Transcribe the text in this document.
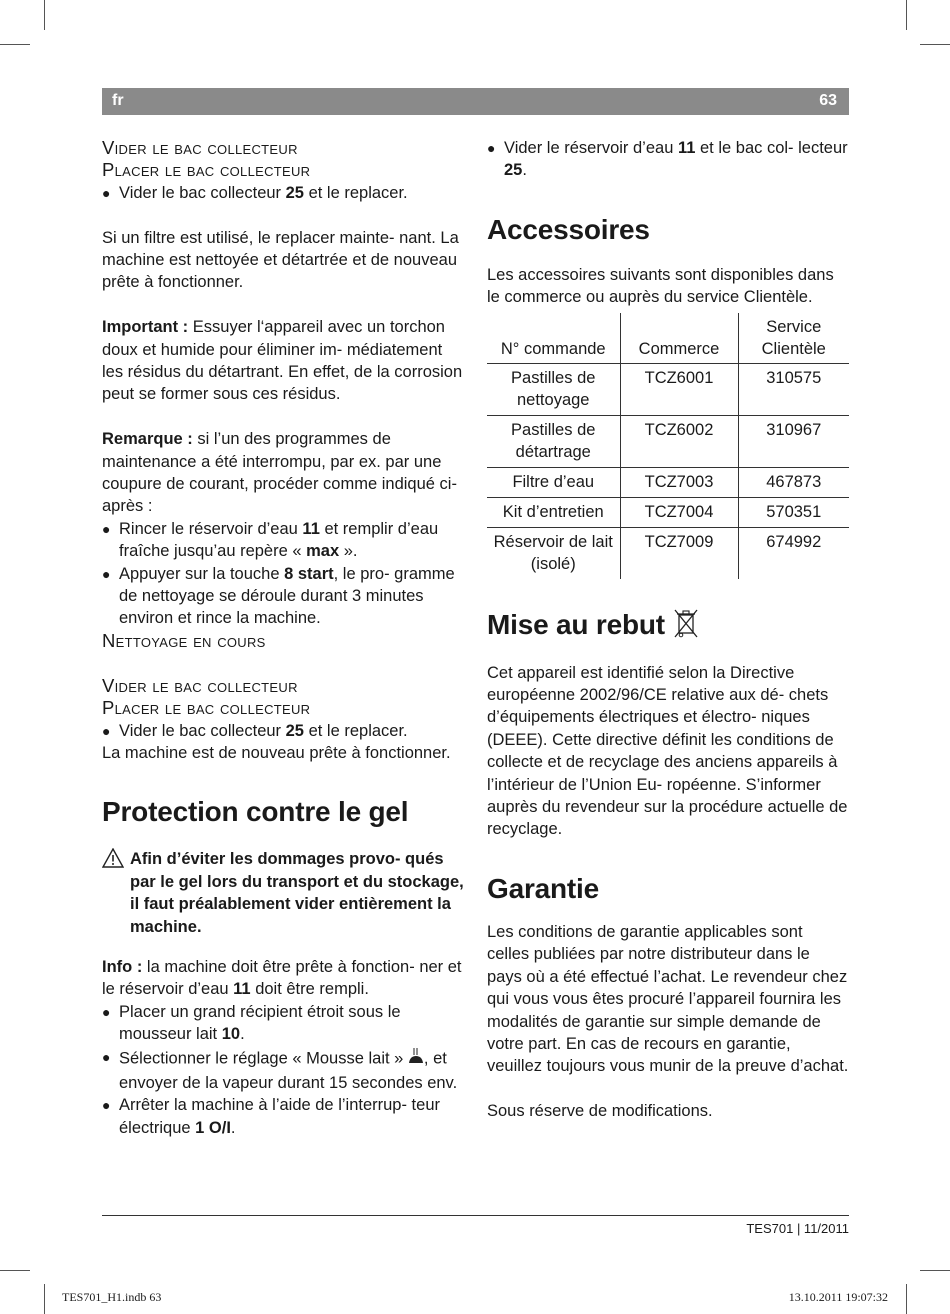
fr	63

Vider le bac collecteur

Placer le bac collecteur

● Vider le bac collecteur 25 et le replacer.

Si un filtre est utilisé, le replacer mainte- nant. La machine est nettoyée et détartrée et de nouveau prête à fonctionner.

Important : Essuyer l‘appareil avec un torchon doux et humide pour éliminer im- médiatement les résidus du détartrant. En effet, de la corrosion peut se former sous ces résidus.

Remarque : si l’un des programmes de maintenance a été interrompu, par ex. par une coupure de courant, procéder comme indiqué ci-après :

● Rincer le réservoir d’eau 11 et remplir d’eau fraîche jusqu’au repère « max ».

● Appuyer sur la touche 8 start, le pro- gramme de nettoyage se déroule durant 3 minutes environ et rince la machine.

Nettoyage en cours

Vider le bac collecteur

Placer le bac collecteur

● Vider le bac collecteur 25 et le replacer.

La machine est de nouveau prête à fonctionner.

Protection contre le gel

Afin d’éviter les dommages provo- qués par le gel lors du transport et du stockage, il faut préalablement vider entièrement la machine.

Info : la machine doit être prête à fonction- ner et le réservoir d’eau 11 doit être rempli.

● Placer un grand récipient étroit sous le mousseur lait 10.

● Sélectionner le réglage « Mousse lait » , et envoyer de la vapeur durant 15 secondes env.

● Arrêter la machine à l’aide de l’interrup- teur électrique 1 O/I.

● Vider le réservoir d’eau 11 et le bac col- lecteur 25.

Accessoires

Les accessoires suivants sont disponibles dans le commerce ou auprès du service Clientèle.

N° commande	Commerce	Service Clientèle
Pastilles de nettoyage	TCZ6001	310575
Pastilles de détartrage	TCZ6002	310967
Filtre d’eau	TCZ7003	467873
Kit d’entretien	TCZ7004	570351
Réservoir de lait (isolé)	TCZ7009	674992
Mise au rebut

Cet appareil est identifié selon la Directive européenne 2002/96/CE relative aux dé- chets d’équipements électriques et électro- niques (DEEE). Cette directive définit les conditions de collecte et de recyclage des anciens appareils à l’intérieur de l’Union Eu- ropéenne. S’informer auprès du revendeur sur la procédure actuelle de recyclage.

Garantie

Les conditions de garantie applicables sont celles publiées par notre distributeur dans le pays où a été effectué l’achat. Le revendeur chez qui vous vous êtes procuré l’appareil fournira les modalités de garantie sur simple demande de votre part. En cas de recours en garantie, veuillez toujours vous munir de la preuve d’achat.

Sous réserve de modifications.

TES701 | 11/2011
TES701_H1.indb 63	13.10.2011 19:07:32
